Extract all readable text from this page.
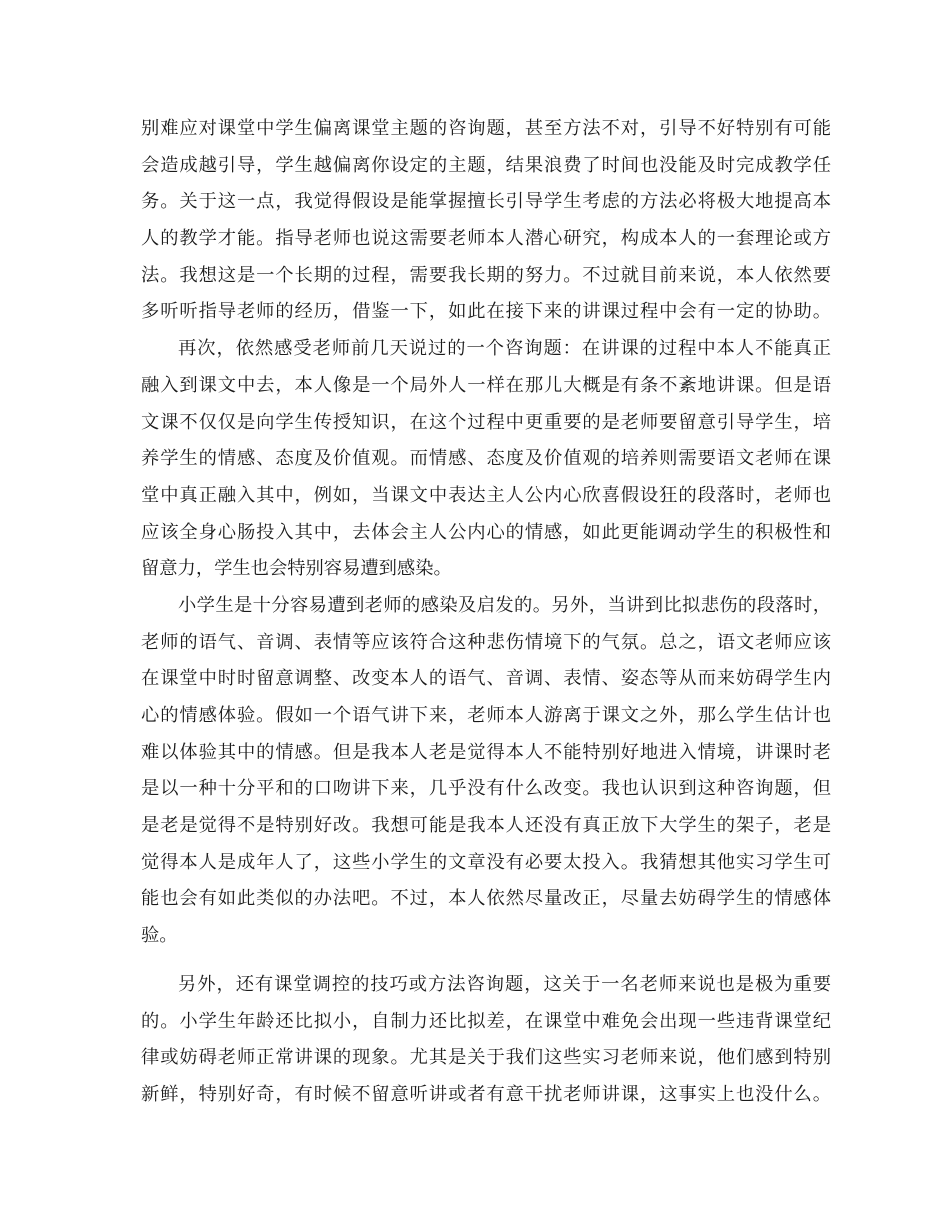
别难应对课堂中学生偏离课堂主题的咨询题，甚至方法不对，引导不好特别有可能
会造成越引导，学生越偏离你设定的主题，结果浪费了时间也没能及时完成教学任
务。关于这一点，我觉得假设是能掌握擅长引导学生考虑的方法必将极大地提高本
人的教学才能。指导老师也说这需要老师本人潜心研究，构成本人的一套理论或方
法。我想这是一个长期的过程，需要我长期的努力。不过就目前来说，本人依然要
多听听指导老师的经历，借鉴一下，如此在接下来的讲课过程中会有一定的协助。
再次，依然感受老师前几天说过的一个咨询题：在讲课的过程中本人不能真正
融入到课文中去，本人像是一个局外人一样在那儿大概是有条不紊地讲课。但是语
文课不仅仅是向学生传授知识，在这个过程中更重要的是老师要留意引导学生，培
养学生的情感、态度及价值观。而情感、态度及价值观的培养则需要语文老师在课
堂中真正融入其中，例如，当课文中表达主人公内心欣喜假设狂的段落时，老师也
应该全身心肠投入其中，去体会主人公内心的情感，如此更能调动学生的积极性和
留意力，学生也会特别容易遭到感染。
小学生是十分容易遭到老师的感染及启发的。另外，当讲到比拟悲伤的段落时，
老师的语气、音调、表情等应该符合这种悲伤情境下的气氛。总之，语文老师应该
在课堂中时时留意调整、改变本人的语气、音调、表情、姿态等从而来妨碍学生内
心的情感体验。假如一个语气讲下来，老师本人游离于课文之外，那么学生估计也
难以体验其中的情感。但是我本人老是觉得本人不能特别好地进入情境，讲课时老
是以一种十分平和的口吻讲下来，几乎没有什么改变。我也认识到这种咨询题，但
是老是觉得不是特别好改。我想可能是我本人还没有真正放下大学生的架子，老是
觉得本人是成年人了，这些小学生的文章没有必要太投入。我猜想其他实习学生可
能也会有如此类似的办法吧。不过，本人依然尽量改正，尽量去妨碍学生的情感体
验。
另外，还有课堂调控的技巧或方法咨询题，这关于一名老师来说也是极为重要
的。小学生年龄还比拟小，自制力还比拟差，在课堂中难免会出现一些违背课堂纪
律或妨碍老师正常讲课的现象。尤其是关于我们这些实习老师来说，他们感到特别
新鲜，特别好奇，有时候不留意听讲或者有意干扰老师讲课，这事实上也没什么。
